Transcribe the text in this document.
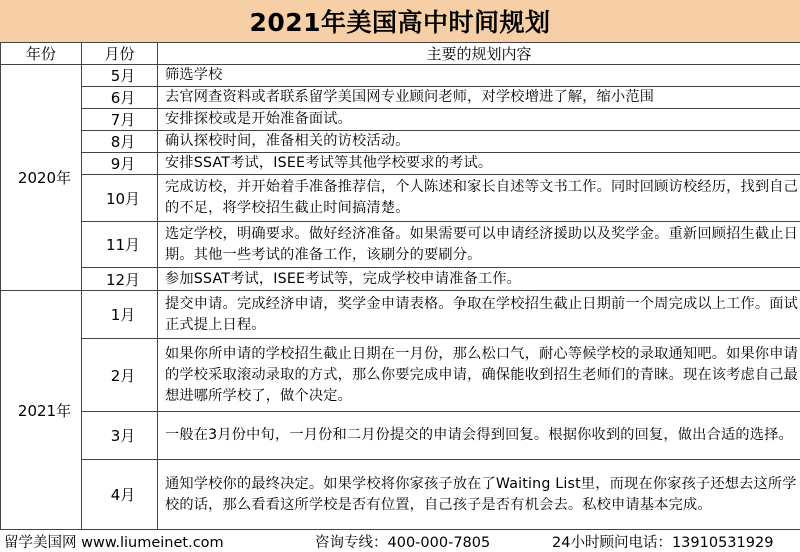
2021年美国高中时间规划
年份	月份	主要的规划内容
2020年	5月	筛选学校
	6月	去官网查资料或者联系留学美国网专业顾问老师，对学校增进了解，缩小范围
	7月	安排探校或是开始准备面试。
	8月	确认探校时间，准备相关的访校活动。
	9月	安排SSAT考试，ISEE考试等其他学校要求的考试。
	10月	完成访校，并开始着手准备推荐信，个人陈述和家长自述等文书工作。同时回顾访校经历，找到自己的不足，将学校招生截止时间搞清楚。
	11月	选定学校，明确要求。做好经济准备。如果需要可以申请经济援助以及奖学金。重新回顾招生截止日期。其他一些考试的准备工作，该刷分的要刷分。
	12月	参加SSAT考试，ISEE考试等，完成学校申请准备工作。
2021年	1月	提交申请。完成经济申请，奖学金申请表格。争取在学校招生截止日期前一个周完成以上工作。面试正式提上日程。
	2月	如果你所申请的学校招生截止日期在一月份，那么松口气，耐心等候学校的录取通知吧。如果你申请的学校采取滚动录取的方式，那么你要完成申请，确保能收到招生老师们的青睐。现在该考虑自己最想进哪所学校了，做个决定。
	3月	一般在3月份中旬，一月份和二月份提交的申请会得到回复。根据你收到的回复，做出合适的选择。
	4月	通知学校你的最终决定。如果学校将你家孩子放在了Waiting List里，而现在你家孩子还想去这所学校的话，那么看看这所学校是否有位置，自己孩子是否有机会去。私校申请基本完成。
留学美国网 www.liumeinet.com	咨询专线：400-000-7805	24小时顾问电话：13910531929
